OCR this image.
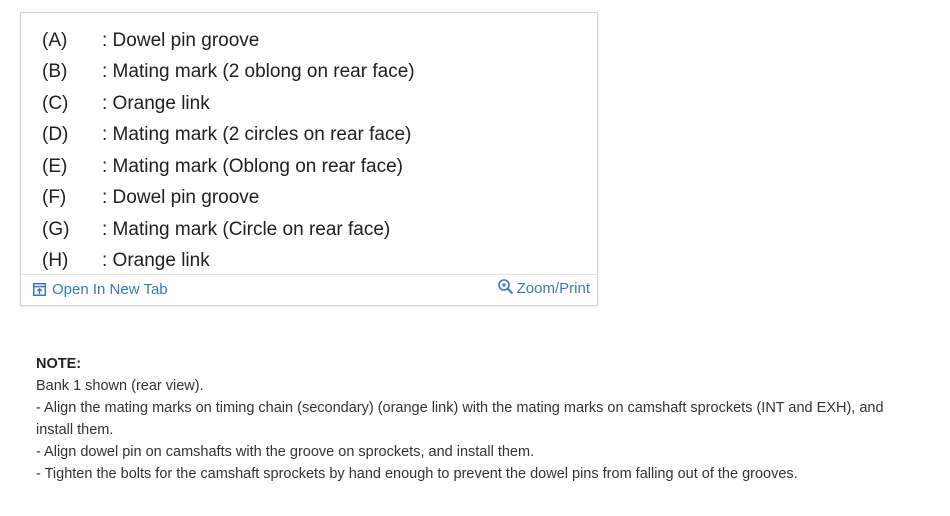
(A)	: Dowel pin groove
(B)	: Mating mark (2 oblong on rear face)
(C)	: Orange link
(D)	: Mating mark (2 circles on rear face)
(E)	: Mating mark (Oblong on rear face)
(F)	: Dowel pin groove
(G)	: Mating mark (Circle on rear face)
(H)	: Orange link
Open In New Tab	Zoom/Print
NOTE:

Bank 1 shown (rear view).

- Align the mating marks on timing chain (secondary) (orange link) with the mating marks on camshaft sprockets (INT and EXH), and install them.

- Align dowel pin on camshafts with the groove on sprockets, and install them.

- Tighten the bolts for the camshaft sprockets by hand enough to prevent the dowel pins from falling out of the grooves.
